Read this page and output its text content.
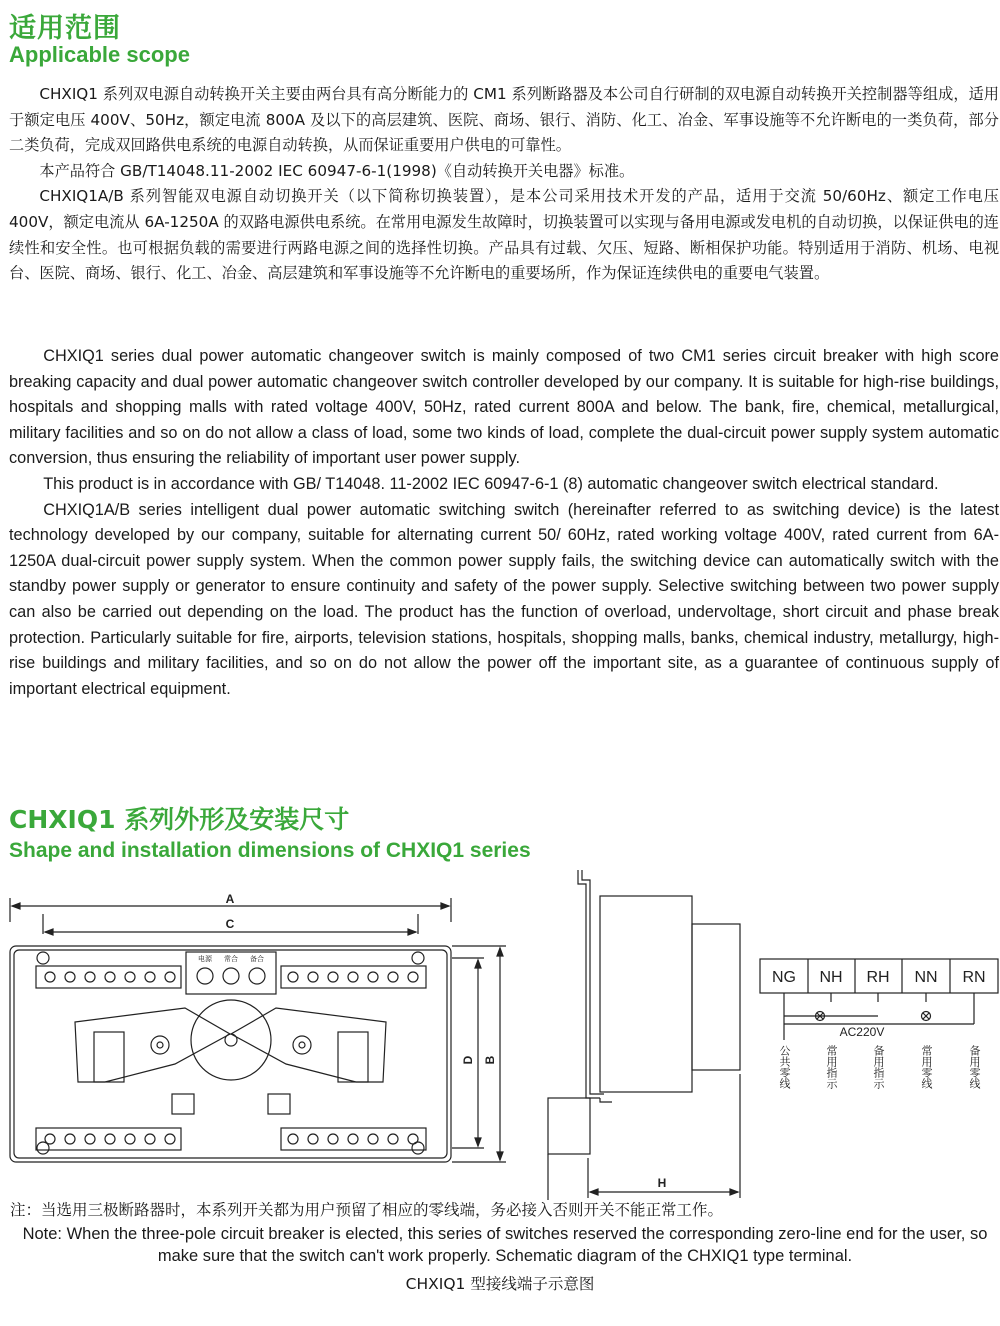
适用范围
Applicable scope

CHXIQ1 系列双电源自动转换开关主要由两台具有高分断能力的 CM1 系列断路器及本公司自行研制的双电源自动转换开关控制器等组成，适用于额定电压 400V、50Hz，额定电流 800A 及以下的高层建筑、医院、商场、银行、消防、化工、冶金、军事设施等不允许断电的一类负荷，部分二类负荷，完成双回路供电系统的电源自动转换，从而保证重要用户供电的可靠性。

本产品符合 GB/T14048.11-2002 IEC 60947-6-1(1998)《自动转换开关电器》标准。

CHXIQ1A/B 系列智能双电源自动切换开关（以下简称切换装置），是本公司采用技术开发的产品，适用于交流 50/60Hz、额定工作电压 400V，额定电流从 6A-1250A 的双路电源供电系统。在常用电源发生故障时，切换装置可以实现与备用电源或发电机的自动切换，以保证供电的连续性和安全性。也可根据负载的需要进行两路电源之间的选择性切换。产品具有过载、欠压、短路、断相保护功能。特别适用于消防、机场、电视台、医院、商场、银行、化工、冶金、高层建筑和军事设施等不允许断电的重要场所，作为保证连续供电的重要电气装置。

CHXIQ1 series dual power automatic changeover switch is mainly composed of two CM1 series circuit breaker with high score breaking capacity and dual power automatic changeover switch controller developed by our company. It is suitable for high-rise buildings, hospitals and shopping malls with rated voltage 400V, 50Hz, rated current 800A and below. The bank, fire, chemical, metallurgical, military facilities and so on do not allow a class of load, some two kinds of load, complete the dual-circuit power supply system automatic conversion, thus ensuring the reliability of important user power supply.

This product is in accordance with GB/ T14048. 11-2002 IEC 60947-6-1 (8) automatic changeover switch electrical standard.

CHXIQ1A/B series intelligent dual power automatic switching switch (hereinafter referred to as switching device) is the latest technology developed by our company, suitable for alternating current 50/ 60Hz, rated working voltage 400V, rated current from 6A-1250A dual-circuit power supply system. When the common power supply fails, the switching device can automatically switch with the standby power supply or generator to ensure continuity and safety of the power supply. Selective switching between two power supply can also be carried out depending on the load. The product has the function of overload, undervoltage, short circuit and phase break protection. Particularly suitable for fire, airports, television stations, hospitals, shopping malls, banks, chemical industry, metallurgy, high-rise buildings and military facilities, and so on do not allow the power off the important site, as a guarantee of continuous supply of important electrical equipment.

CHXIQ1 系列外形及安装尺寸
Shape and installation dimensions of CHXIQ1 series
A
C
电源 常合 备合
D B
H
NG NH RH NN RN
AC220V
公共零线	常用指示	备用指示	常用零线	备用零线
注：当选用三极断路器时，本系列开关都为用户预留了相应的零线端，务必接入否则开关不能正常工作。
Note: When the three-pole circuit breaker is elected, this series of switches reserved the corresponding zero-line end for the user, so make sure that the switch can't work properly. Schematic diagram of the CHXIQ1 type terminal.
CHXIQ1 型接线端子示意图
